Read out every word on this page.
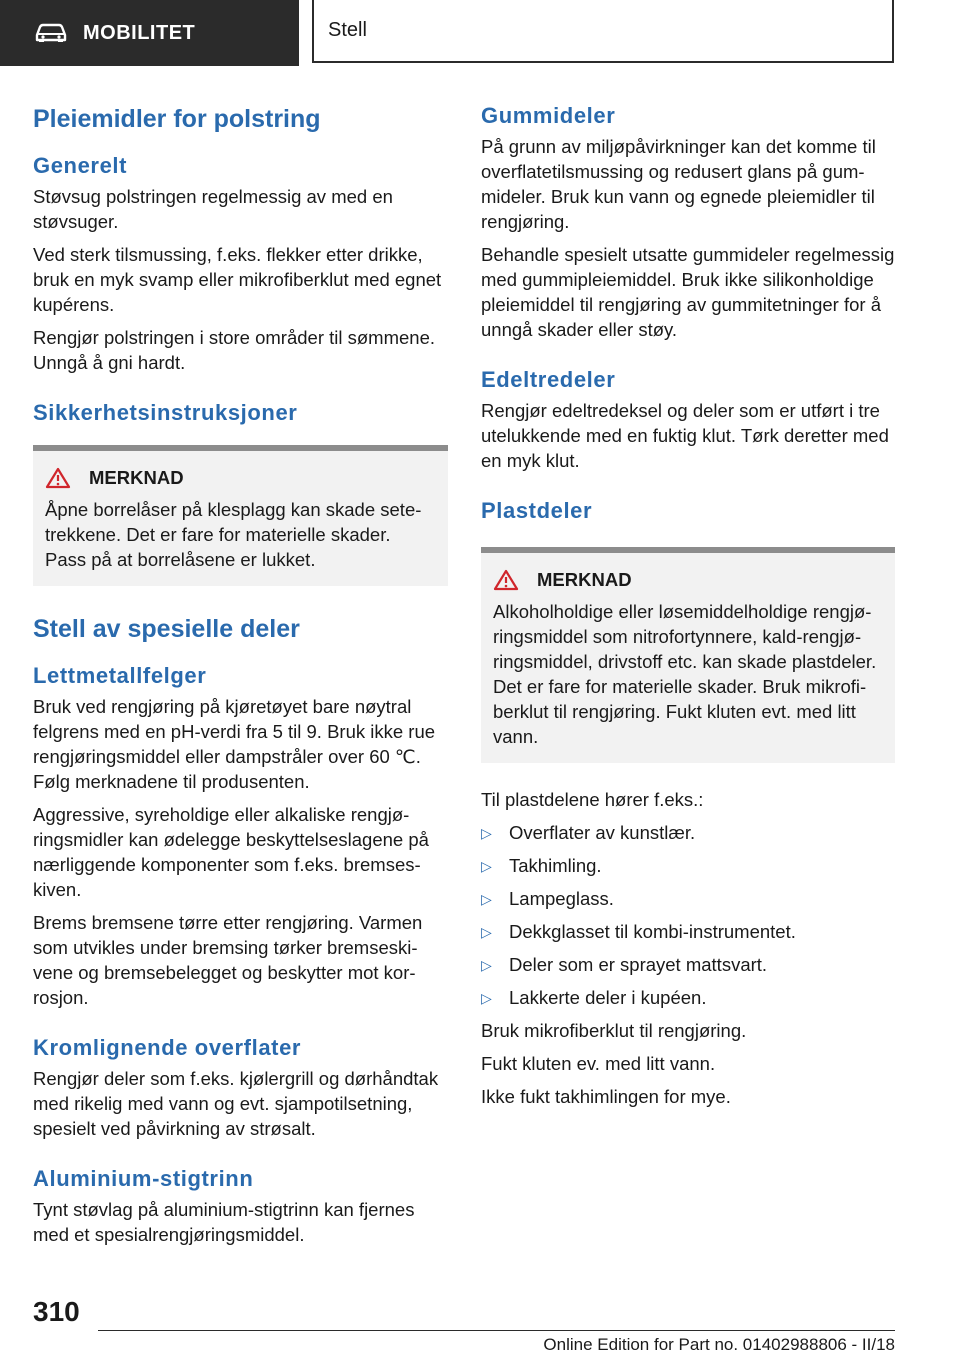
MOBILITET	Stell
Pleiemidler for polstring
Generelt

Støvsug polstringen regelmessig av med en støvsuger.

Ved sterk tilsmussing, f.eks. flekker etter drikke, bruk en myk svamp eller mikrofiberklut med egnet kupérens.

Rengjør polstringen i store områder til sømmene. Unngå å gni hardt.

Sikkerhetsinstruksjoner
MERKNAD

Åpne borrelåser på klesplagg kan skade setetrekkene. Det er fare for materielle skader. Pass på at borrelåsene er lukket.

Stell av spesielle deler
Lettmetallfelger

Bruk ved rengjøring på kjøretøyet bare nøytral felgrens med en pH-verdi fra 5 til 9. Bruk ikke rue rengjøringsmiddel eller dampstråler over 60 ℃. Følg merknadene til produsenten.

Aggressive, syreholdige eller alkaliske rengjøringsmidler kan ødelegge beskyttelseslagene på nærliggende komponenter som f.eks. bremseskiven.

Brems bremsene tørre etter rengjøring. Varmen som utvikles under bremsing tørker bremseskivene og bremsebelegget og beskytter mot korrosjon.

Kromlignende overflater

Rengjør deler som f.eks. kjølergrill og dørhåndtak med rikelig med vann og evt. sjampotilsetning, spesielt ved påvirkning av strøsalt.

Aluminium-stigtrinn

Tynt støvlag på aluminium-stigtrinn kan fjernes med et spesialrengjøringsmiddel.

Gummideler

På grunn av miljøpåvirkninger kan det komme til overflatetilsmussing og redusert glans på gummideler. Bruk kun vann og egnede pleiemidler til rengjøring.

Behandle spesielt utsatte gummideler regelmessig med gummipleiemiddel. Bruk ikke silikonholdige pleiemiddel til rengjøring av gummitetninger for å unngå skader eller støy.

Edeltredeler

Rengjør edeltredeksel og deler som er utført i tre utelukkende med en fuktig klut. Tørk deretter med en myk klut.

Plastdeler
MERKNAD

Alkoholholdige eller løsemiddelholdige rengjøringsmiddel som nitrofortynnere, kald-rengjøringsmiddel, drivstoff etc. kan skade plastdeler. Det er fare for materielle skader. Bruk mikrofiberklut til rengjøring. Fukt kluten evt. med litt vann.

Til plastdelene hører f.eks.:

▷ Overflater av kunstlær.
▷ Takhimling.
▷ Lampeglass.
▷ Dekkglasset til kombi-instrumentet.
▷ Deler som er sprayet mattsvart.
▷ Lakkerte deler i kupéen.

Bruk mikrofiberklut til rengjøring.

Fukt kluten ev. med litt vann.

Ikke fukt takhimlingen for mye.

310
Online Edition for Part no. 01402988806 - II/18
